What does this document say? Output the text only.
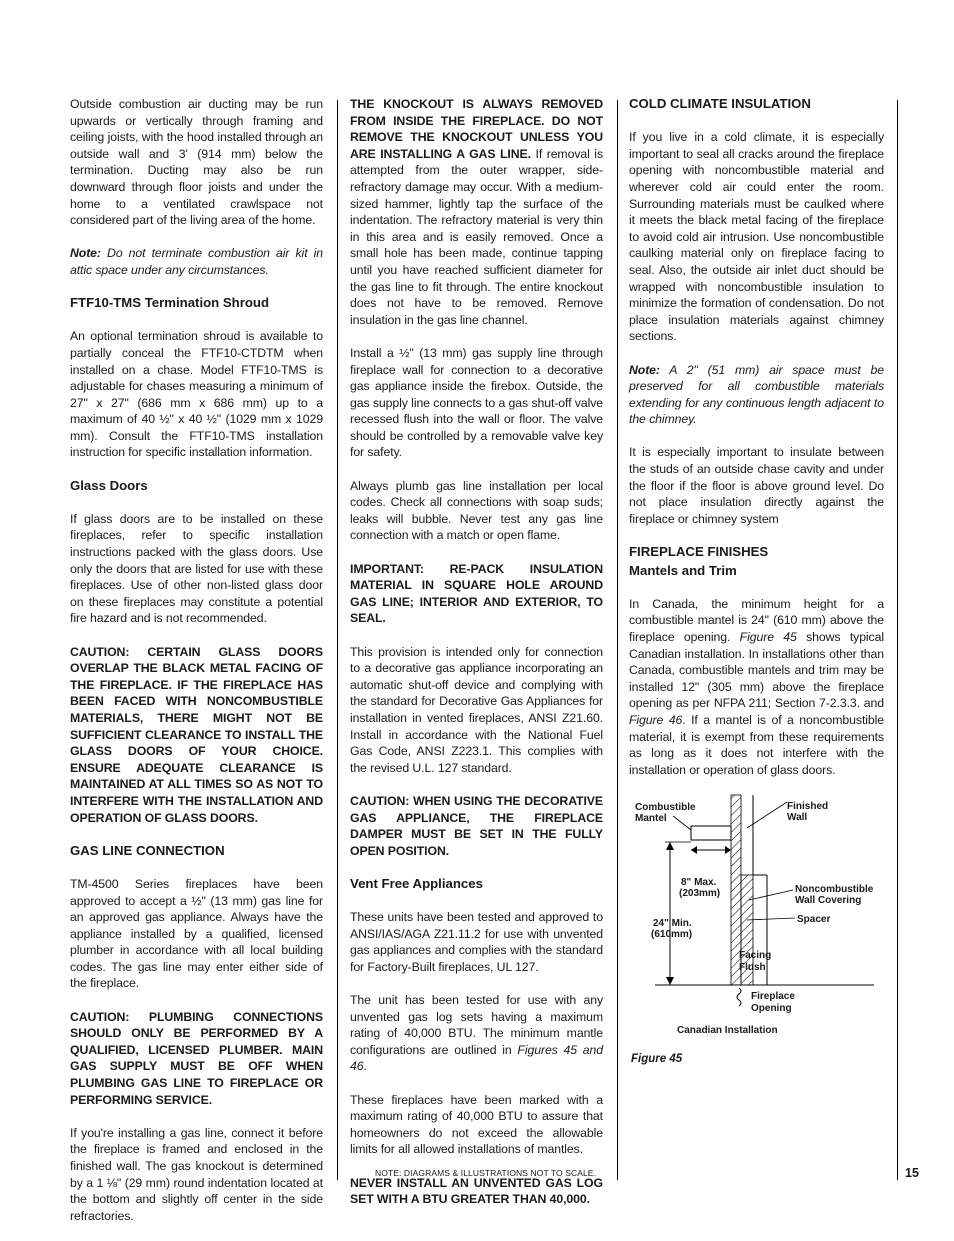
Outside combustion air ducting may be run upwards or vertically through framing and ceiling joists, with the hood installed through an outside wall and 3' (914 mm) below the termination. Ducting may also be run downward through floor joists and under the home to a ventilated crawlspace not considered part of the living area of the home.

Note: Do not terminate combustion air kit in attic space under any circumstances.

FTF10-TMS Termination Shroud

An optional termination shroud is available to partially conceal the FTF10-CTDTM when installed on a chase. Model FTF10-TMS is adjustable for chases measuring a minimum of 27" x 27" (686 mm x 686 mm) up to a maximum of 40 ½" x 40 ½" (1029 mm x 1029 mm). Consult the FTF10-TMS installation instruction for specific installation information.

Glass Doors

If glass doors are to be installed on these fireplaces, refer to specific installation instructions packed with the glass doors. Use only the doors that are listed for use with these fireplaces. Use of other non-listed glass door on these fireplaces may constitute a potential fire hazard and is not recommended.

CAUTION: CERTAIN GLASS DOORS OVERLAP THE BLACK METAL FACING OF THE FIREPLACE. IF THE FIREPLACE HAS BEEN FACED WITH NONCOMBUSTIBLE MATERIALS, THERE MIGHT NOT BE SUFFICIENT CLEARANCE TO INSTALL THE GLASS DOORS OF YOUR CHOICE. ENSURE ADEQUATE CLEARANCE IS MAINTAINED AT ALL TIMES SO AS NOT TO INTERFERE WITH THE INSTALLATION AND OPERATION OF GLASS DOORS.

GAS LINE CONNECTION

TM-4500 Series fireplaces have been approved to accept a ½" (13 mm) gas line for an approved gas appliance. Always have the appliance installed by a qualified, licensed plumber in accordance with all local building codes. The gas line may enter either side of the fireplace.

CAUTION: PLUMBING CONNECTIONS SHOULD ONLY BE PERFORMED BY A QUALIFIED, LICENSED PLUMBER. MAIN GAS SUPPLY MUST BE OFF WHEN PLUMBING GAS LINE TO FIREPLACE OR PERFORMING SERVICE.

If you're installing a gas line, connect it before the fireplace is framed and enclosed in the finished wall. The gas knockout is determined by a 1 ⅛" (29 mm) round indentation located at the bottom and slightly off center in the side refractories.

THE KNOCKOUT IS ALWAYS REMOVED FROM INSIDE THE FIREPLACE. DO NOT REMOVE THE KNOCKOUT UNLESS YOU ARE INSTALLING A GAS LINE. If removal is attempted from the outer wrapper, side-refractory damage may occur. With a medium-sized hammer, lightly tap the surface of the indentation. The refractory material is very thin in this area and is easily removed. Once a small hole has been made, continue tapping until you have reached sufficient diameter for the gas line to fit through. The entire knockout does not have to be removed. Remove insulation in the gas line channel.

Install a ½" (13 mm) gas supply line through fireplace wall for connection to a decorative gas appliance inside the firebox. Outside, the gas supply line connects to a gas shut-off valve recessed flush into the wall or floor. The valve should be controlled by a removable valve key for safety.

Always plumb gas line installation per local codes. Check all connections with soap suds; leaks will bubble. Never test any gas line connection with a match or open flame.

IMPORTANT: RE-PACK INSULATION MATERIAL IN SQUARE HOLE AROUND GAS LINE; INTERIOR AND EXTERIOR, TO SEAL.

This provision is intended only for connection to a decorative gas appliance incorporating an automatic shut-off device and complying with the standard for Decorative Gas Appliances for installation in vented fireplaces, ANSI Z21.60. Install in accordance with the National Fuel Gas Code, ANSI Z223.1. This complies with the revised U.L. 127 standard.

CAUTION: WHEN USING THE DECORATIVE GAS APPLIANCE, THE FIREPLACE DAMPER MUST BE SET IN THE FULLY OPEN POSITION.

Vent Free Appliances

These units have been tested and approved to ANSI/IAS/AGA Z21.11.2 for use with unvented gas appliances and complies with the standard for Factory-Built fireplaces, UL 127.

The unit has been tested for use with any unvented gas log sets having a maximum rating of 40,000 BTU. The minimum mantle configurations are outlined in Figures 45 and 46.

These fireplaces have been marked with a maximum rating of 40,000 BTU to assure that homeowners do not exceed the allowable limits for all allowed installations of mantles.

NEVER INSTALL AN UNVENTED GAS LOG SET WITH A BTU GREATER THAN 40,000.

COLD CLIMATE INSULATION

If you live in a cold climate, it is especially important to seal all cracks around the fireplace opening with noncombustible material and wherever cold air could enter the room. Surrounding materials must be caulked where it meets the black metal facing of the fireplace to avoid cold air intrusion. Use noncombustible caulking material only on fireplace facing to seal. Also, the outside air inlet duct should be wrapped with noncombustible insulation to minimize the formation of condensation. Do not place insulation materials against chimney sections.

Note: A 2" (51 mm) air space must be preserved for all combustible materials extending for any continuous length adjacent to the chimney.

It is especially important to insulate between the studs of an outside chase cavity and under the floor if the floor is above ground level. Do not place insulation directly against the fireplace or chimney system

FIREPLACE FINISHES
Mantels and Trim

In Canada, the minimum height for a combustible mantel is 24" (610 mm) above the fireplace opening. Figure 45 shows typical Canadian installation. In installations other than Canada, combustible mantels and trim may be installed 12" (305 mm) above the fireplace opening as per NFPA 211; Section 7-2.3.3. and Figure 46. If a mantel is of a noncombustible material, it is exempt from these requirements as long as it does not interfere with the installation or operation of glass doors.

Combustible
Mantel
Finished
Wall
8" Max.
(203mm)	Noncombustible
Wall Covering
Spacer
24" Min.
(610mm)
Facing
Flush
Fireplace
Opening
Canadian Installation
Figure 45
NOTE: DIAGRAMS & ILLUSTRATIONS NOT TO SCALE.	15
